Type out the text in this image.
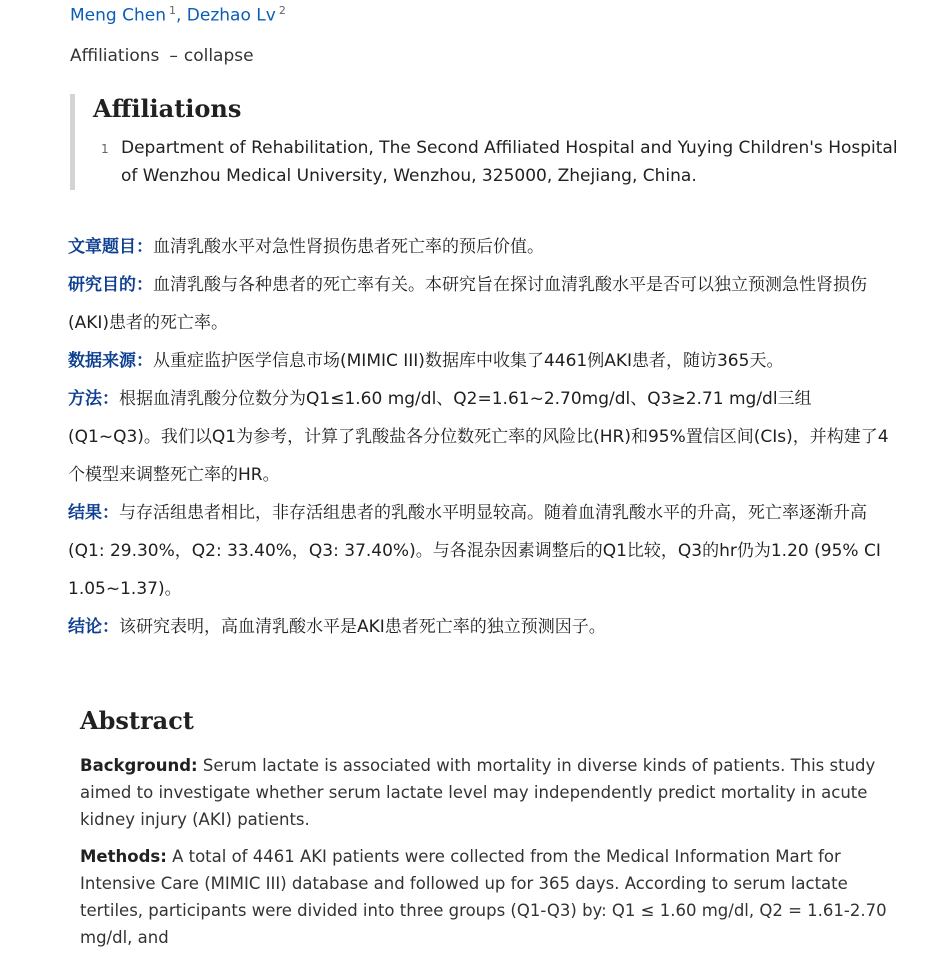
Meng Chen $^1$, Dezhao Lv $^2$
Affiliations – collapse
Affiliations
1 Department of Rehabilitation, The Second Affiliated Hospital and Yuying Children's Hospital of Wenzhou Medical University, Wenzhou, 325000, Zhejiang, China.

文章题目：血清乳酸水平对急性肾损伤患者死亡率的预后价值。

研究目的：血清乳酸与各种患者的死亡率有关。本研究旨在探讨血清乳酸水平是否可以独立预测急性肾损伤(AKI)患者的死亡率。

数据来源：从重症监护医学信息市场(MIMIC III)数据库中收集了4461例AKI患者，随访365天。

方法：根据血清乳酸分位数分为Q1≤1.60 mg/dl、Q2=1.61~2.70mg/dl、Q3≥2.71 mg/dl三组(Q1~Q3)。我们以Q1为参考，计算了乳酸盐各分位数死亡率的风险比(HR)和95%置信区间(CIs)，并构建了4个模型来调整死亡率的HR。

结果：与存活组患者相比，非存活组患者的乳酸水平明显较高。随着血清乳酸水平的升高，死亡率逐渐升高(Q1: 29.30%，Q2: 33.40%，Q3: 37.40%)。与各混杂因素调整后的Q1比较，Q3的hr仍为1.20 (95% CI 1.05~1.37)。

结论：该研究表明，高血清乳酸水平是AKI患者死亡率的独立预测因子。

Abstract

Background: Serum lactate is associated with mortality in diverse kinds of patients. This study aimed to investigate whether serum lactate level may independently predict mortality in acute kidney injury (AKI) patients.

Methods: A total of 4461 AKI patients were collected from the Medical Information Mart for Intensive Care (MIMIC III) database and followed up for 365 days. According to serum lactate tertiles, participants were divided into three groups (Q1-Q3) by: Q1 ≤ 1.60 mg/dl, Q2 = 1.61-2.70 mg/dl, and
